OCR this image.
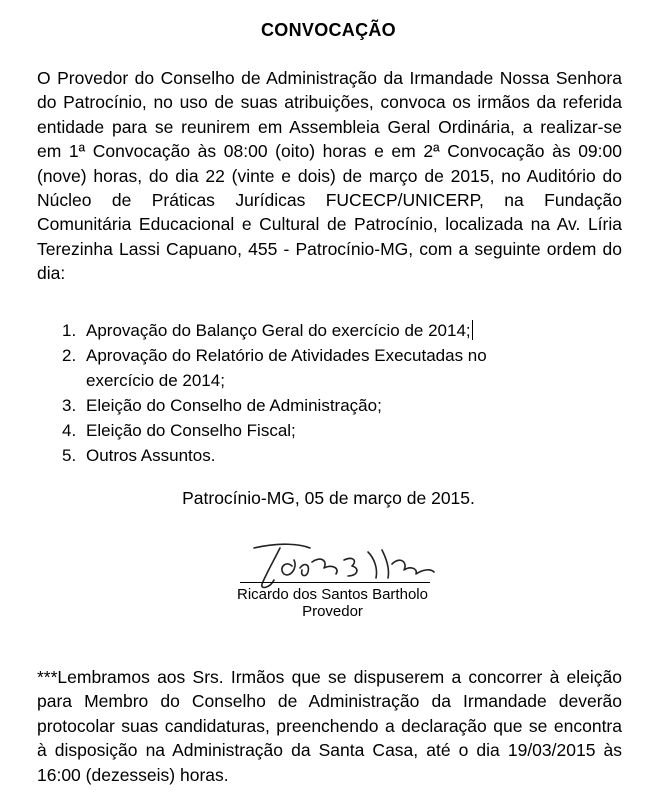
CONVOCAÇÃO
O Provedor do Conselho de Administração da Irmandade Nossa Senhora do Patrocínio, no uso de suas atribuições, convoca os irmãos da referida entidade para se reunirem em Assembleia Geral Ordinária, a realizar-se em 1ª Convocação às 08:00 (oito) horas e em 2ª Convocação às 09:00 (nove) horas, do dia 22 (vinte e dois) de março de 2015, no Auditório do Núcleo de Práticas Jurídicas FUCECP/UNICERP, na Fundação Comunitária Educacional e Cultural de Patrocínio, localizada na Av. Líria Terezinha Lassi Capuano, 455 - Patrocínio-MG, com a seguinte ordem do dia:
1. Aprovação do Balanço Geral do exercício de 2014;
2. Aprovação do Relatório de Atividades Executadas no exercício de 2014;
3. Eleição do Conselho de Administração;
4. Eleição do Conselho Fiscal;
5. Outros Assuntos.
Patrocínio-MG, 05 de março de 2015.
Ricardo dos Santos Bartholo
Provedor
***Lembramos aos Srs. Irmãos que se dispuserem a concorrer à eleição para Membro do Conselho de Administração da Irmandade deverão protocolar suas candidaturas, preenchendo a declaração que se encontra à disposição na Administração da Santa Casa, até o dia 19/03/2015 às 16:00 (dezesseis) horas.
